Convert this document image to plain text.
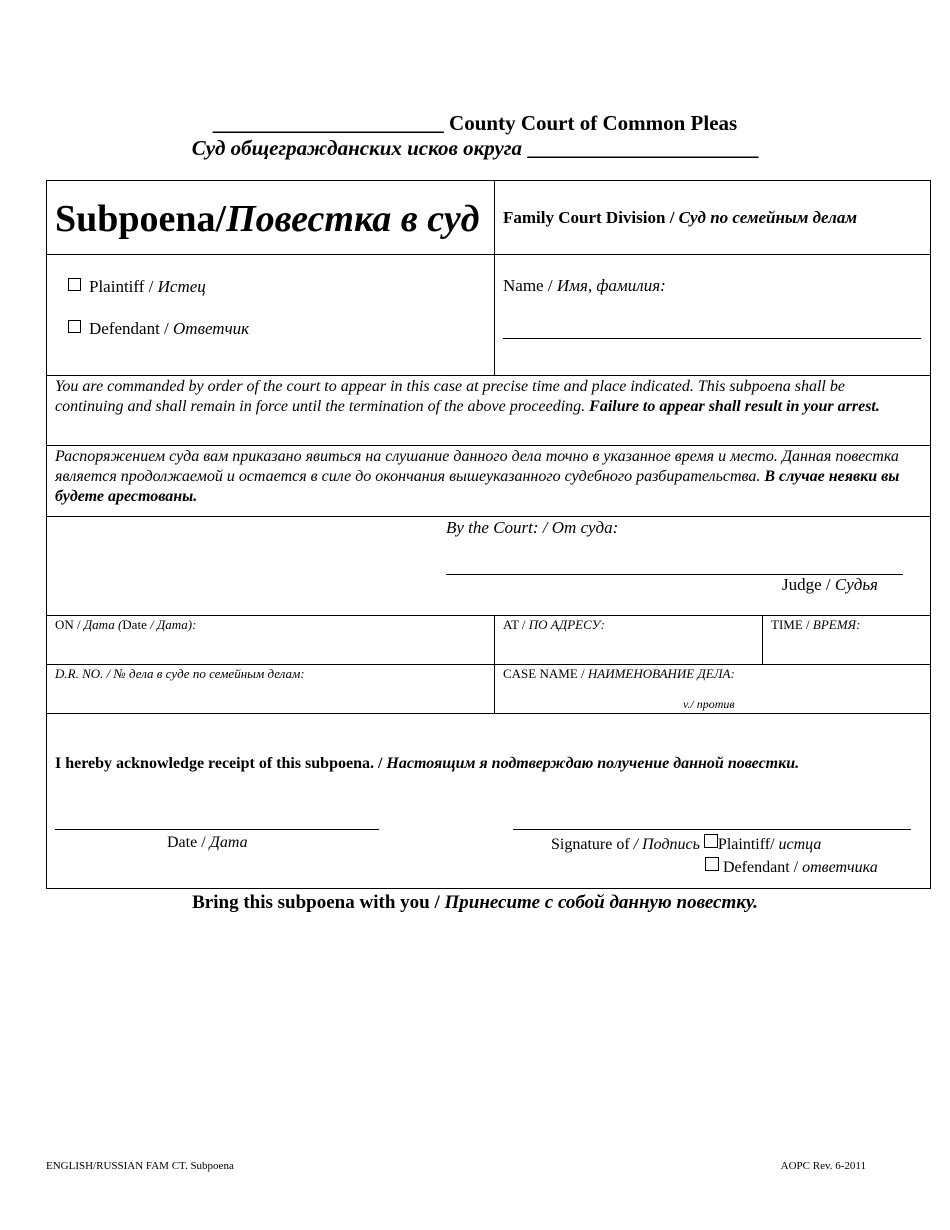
______________________ County Court of Common Pleas
Суд общегражданских исков округа ______________________
Subpoena/Повестка в суд Family Court Division / Суд по семейным делам
Plaintiff / Истец
Defendant / Ответчик
Name / Имя, фамилия:
You are commanded by order of the court to appear in this case at precise time and place indicated. This subpoena shall be continuing and shall remain in force until the termination of the above proceeding. Failure to appear shall result in your arrest.
Распоряжением суда вам приказано явиться на слушание данного дела точно в указанное время и место. Данная повестка является продолжаемой и остается в силе до окончания вышеуказанного судебного разбирательства. В случае неявки вы будете арестованы.
By the Court: / От суда:
Judge / Судья
ON / Дата (Date / Дата):	AT / ПО АДРЕСУ:	TIME / ВРЕМЯ:
D.R. NO. / № дела в суде по семейным делам:	CASE NAME / НАИМЕНОВАНИЕ ДЕЛА:
v./ против
I hereby acknowledge receipt of this subpoena. / Настоящим я подтверждаю получение данной повестки.
Date / Дата	Signature of / Подпись Plaintiff/ истца
Defendant / ответчика
Bring this subpoena with you / Принесите с собой данную повестку.
ENGLISH/RUSSIAN FAM CT. Subpoena	AOPC Rev. 6-2011
